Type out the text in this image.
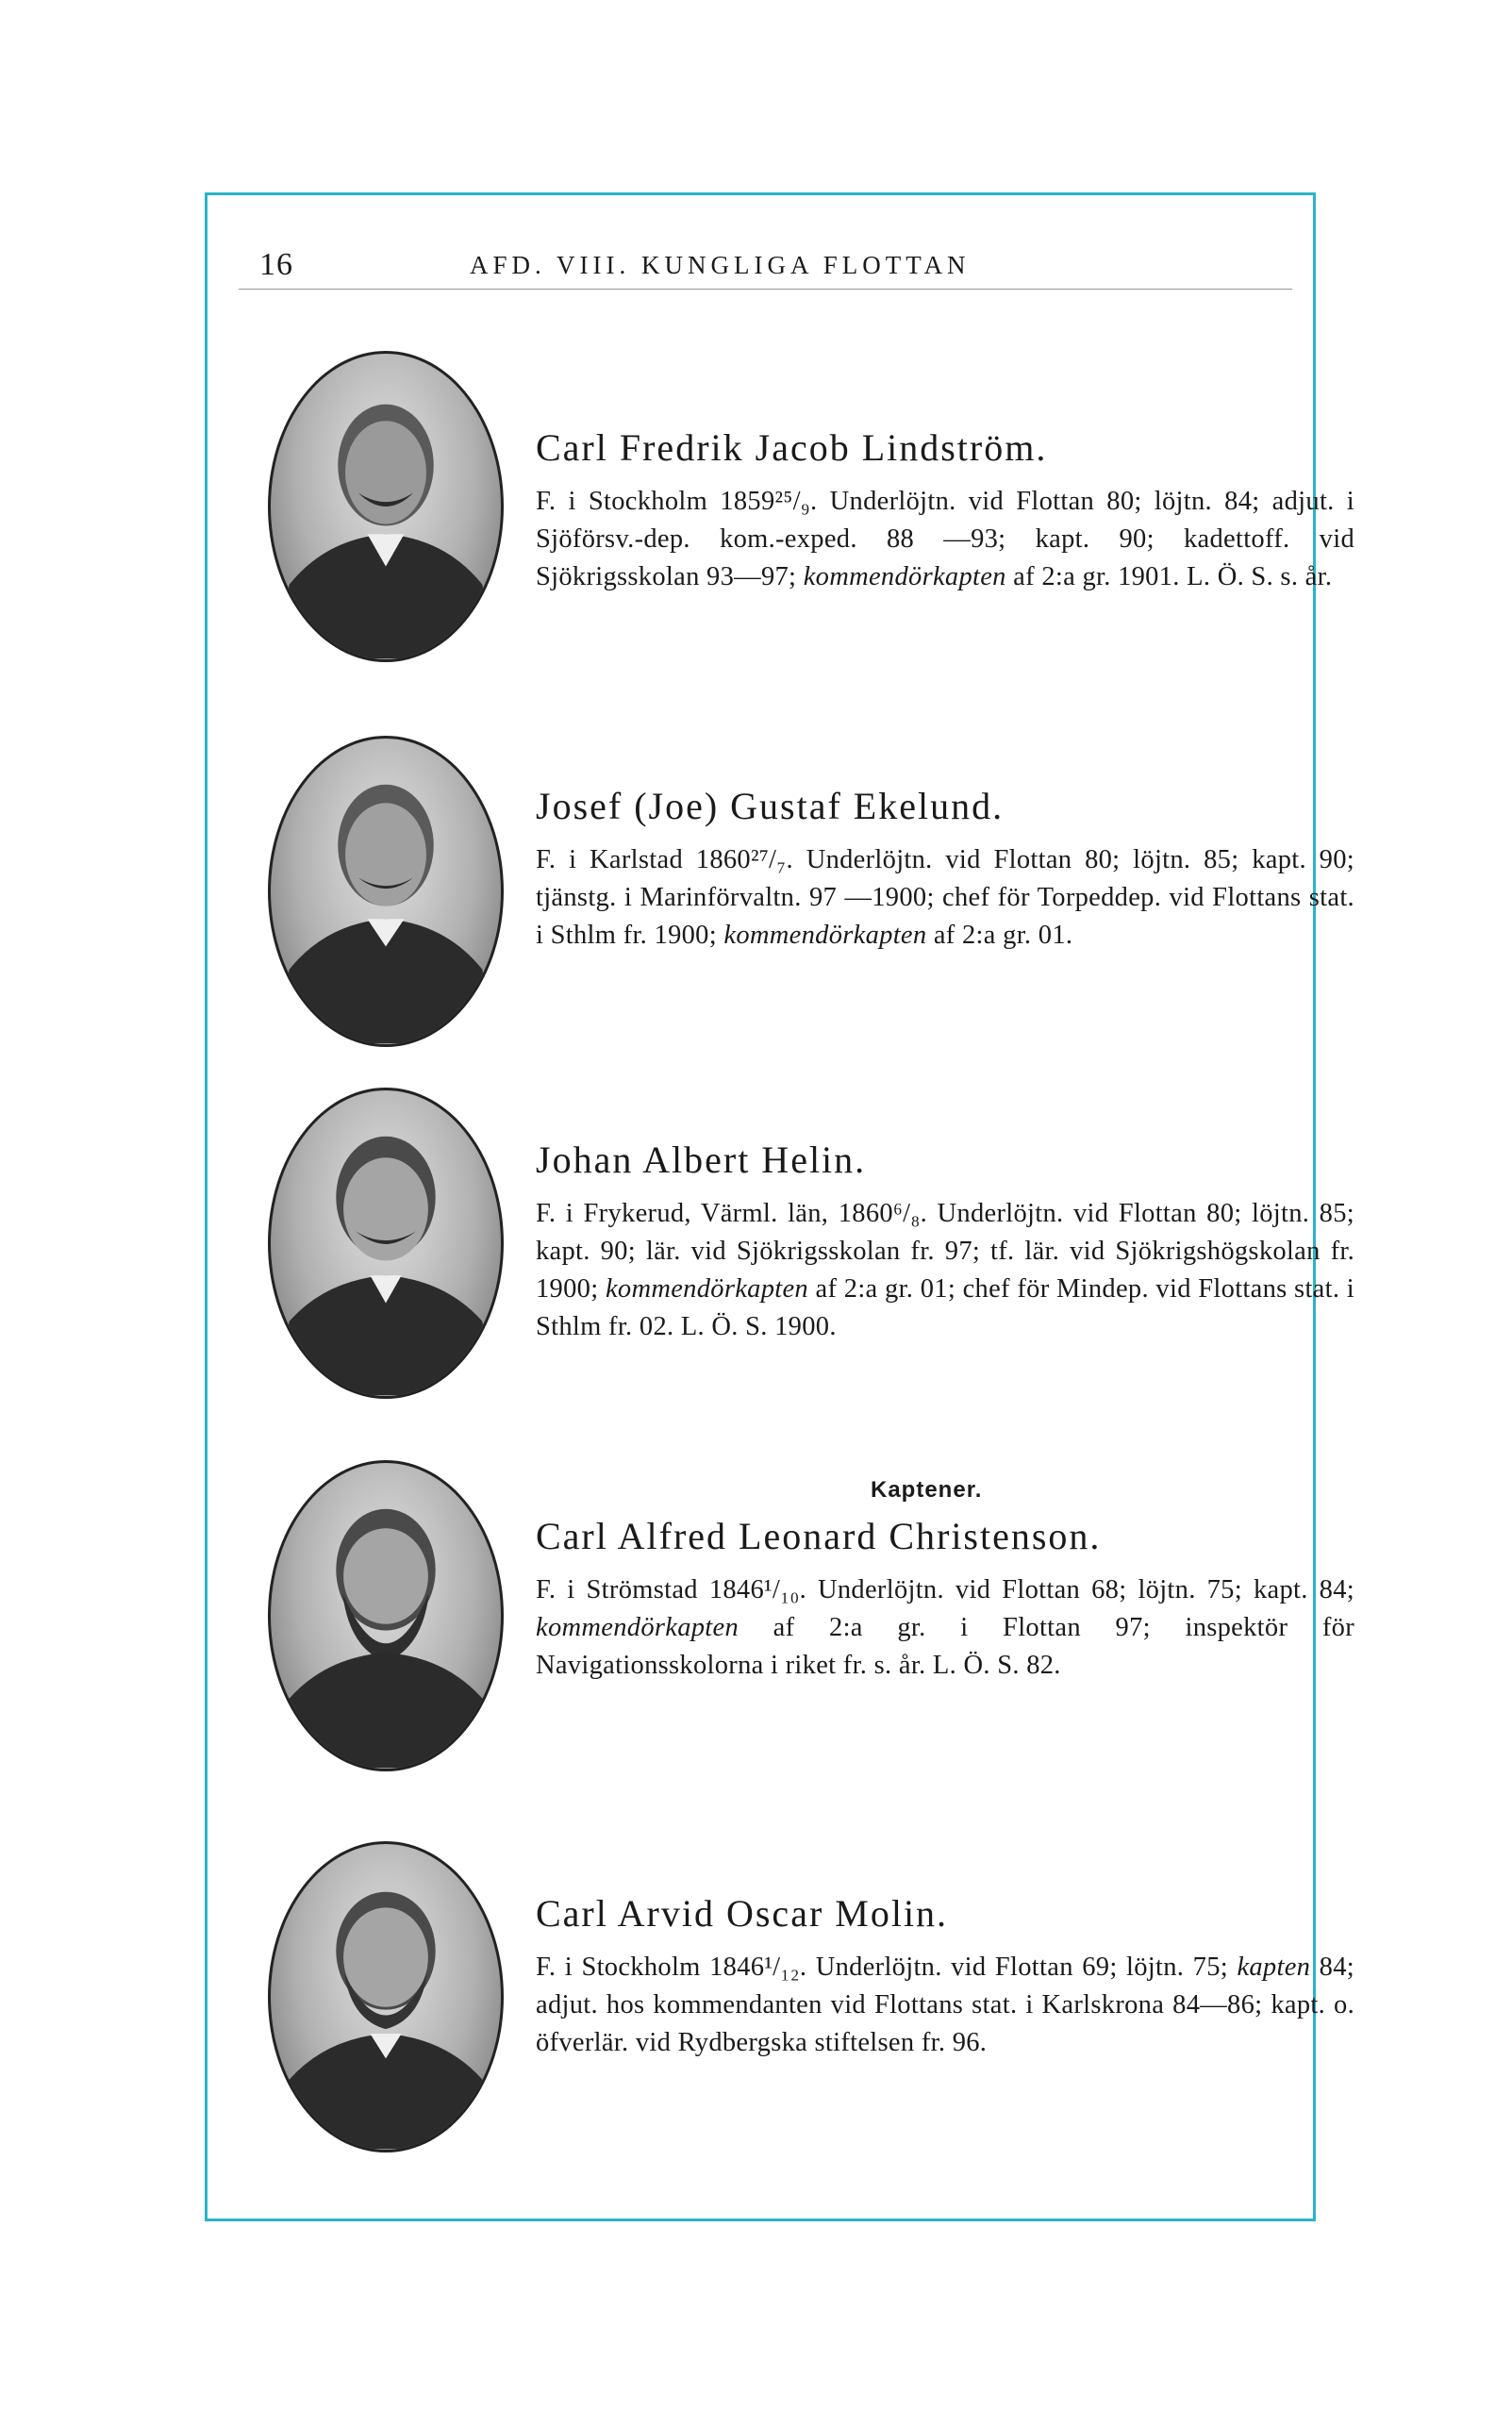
16	AFD. VIII. KUNGLIGA FLOTTAN
Carl Fredrik Jacob Lindström.
F. i Stockholm 1859²⁵/₉. Underlöjtn. vid Flottan 80; löjtn. 84; adjut. i Sjöförsv.-dep. kom.-exped. 88 —93; kapt. 90; kadettoff. vid Sjökrigsskolan 93—97; kommendörkapten af 2:a gr. 1901. L. Ö. S. s. år.
Josef (Joe) Gustaf Ekelund.
F. i Karlstad 1860²⁷/₇. Underlöjtn. vid Flottan 80; löjtn. 85; kapt. 90; tjänstg. i Marinförvaltn. 97 —1900; chef för Torpeddep. vid Flottans stat. i Sthlm fr. 1900; kommendörkapten af 2:a gr. 01.
Johan Albert Helin.
F. i Frykerud, Värml. län, 1860⁶/₈. Underlöjtn. vid Flottan 80; löjtn. 85; kapt. 90; lär. vid Sjökrigsskolan fr. 97; tf. lär. vid Sjökrigshögskolan fr. 1900; kommendörkapten af 2:a gr. 01; chef för Mindep. vid Flottans stat. i Sthlm fr. 02. L. Ö. S. 1900.
Kaptener.
Carl Alfred Leonard Christenson.
F. i Strömstad 1846¹/₁₀. Underlöjtn. vid Flottan 68; löjtn. 75; kapt. 84; kommendörkapten af 2:a gr. i Flottan 97; inspektör för Navigationsskolorna i riket fr. s. år. L. Ö. S. 82.
Carl Arvid Oscar Molin.
F. i Stockholm 1846¹/₁₂. Underlöjtn. vid Flottan 69; löjtn. 75; kapten 84; adjut. hos kommendanten vid Flottans stat. i Karlskrona 84—86; kapt. o. öfverlär. vid Rydbergska stiftelsen fr. 96.
